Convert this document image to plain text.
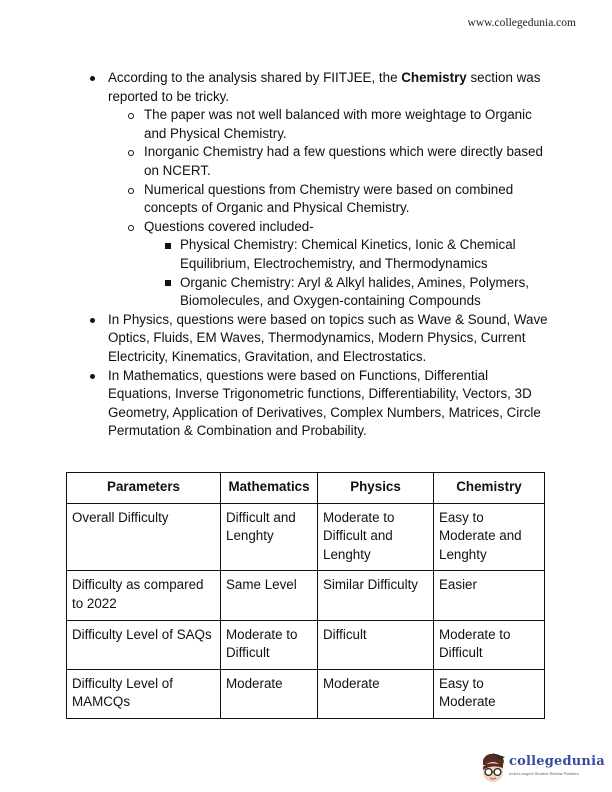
www.collegedunia.com
According to the analysis shared by FIITJEE, the Chemistry section was reported to be tricky.
The paper was not well balanced with more weightage to Organic and Physical Chemistry.
Inorganic Chemistry had a few questions which were directly based on NCERT.
Numerical questions from Chemistry were based on combined concepts of Organic and Physical Chemistry.
Questions covered included-
Physical Chemistry: Chemical Kinetics, Ionic & Chemical Equilibrium, Electrochemistry, and Thermodynamics
Organic Chemistry: Aryl & Alkyl halides, Amines, Polymers, Biomolecules, and Oxygen-containing Compounds
In Physics, questions were based on topics such as Wave & Sound, Wave Optics, Fluids, EM Waves, Thermodynamics, Modern Physics, Current Electricity, Kinematics, Gravitation, and Electrostatics.
In Mathematics, questions were based on Functions, Differential Equations, Inverse Trigonometric functions, Differentiability, Vectors, 3D Geometry, Application of Derivatives, Complex Numbers, Matrices, Circle Permutation & Combination and Probability.
Parameters	Mathematics	Physics	Chemistry
Overall Difficulty	Difficult and Lenghty	Moderate to Difficult and Lenghty	Easy to Moderate and Lenghty
Difficulty as compared to 2022	Same Level	Similar Difficulty	Easier
Difficulty Level of SAQs	Moderate to Difficult	Difficult	Moderate to Difficult
Difficulty Level of MAMCQs	Moderate	Moderate	Easy to Moderate
collegedunia
India's largest Student Review Platform
